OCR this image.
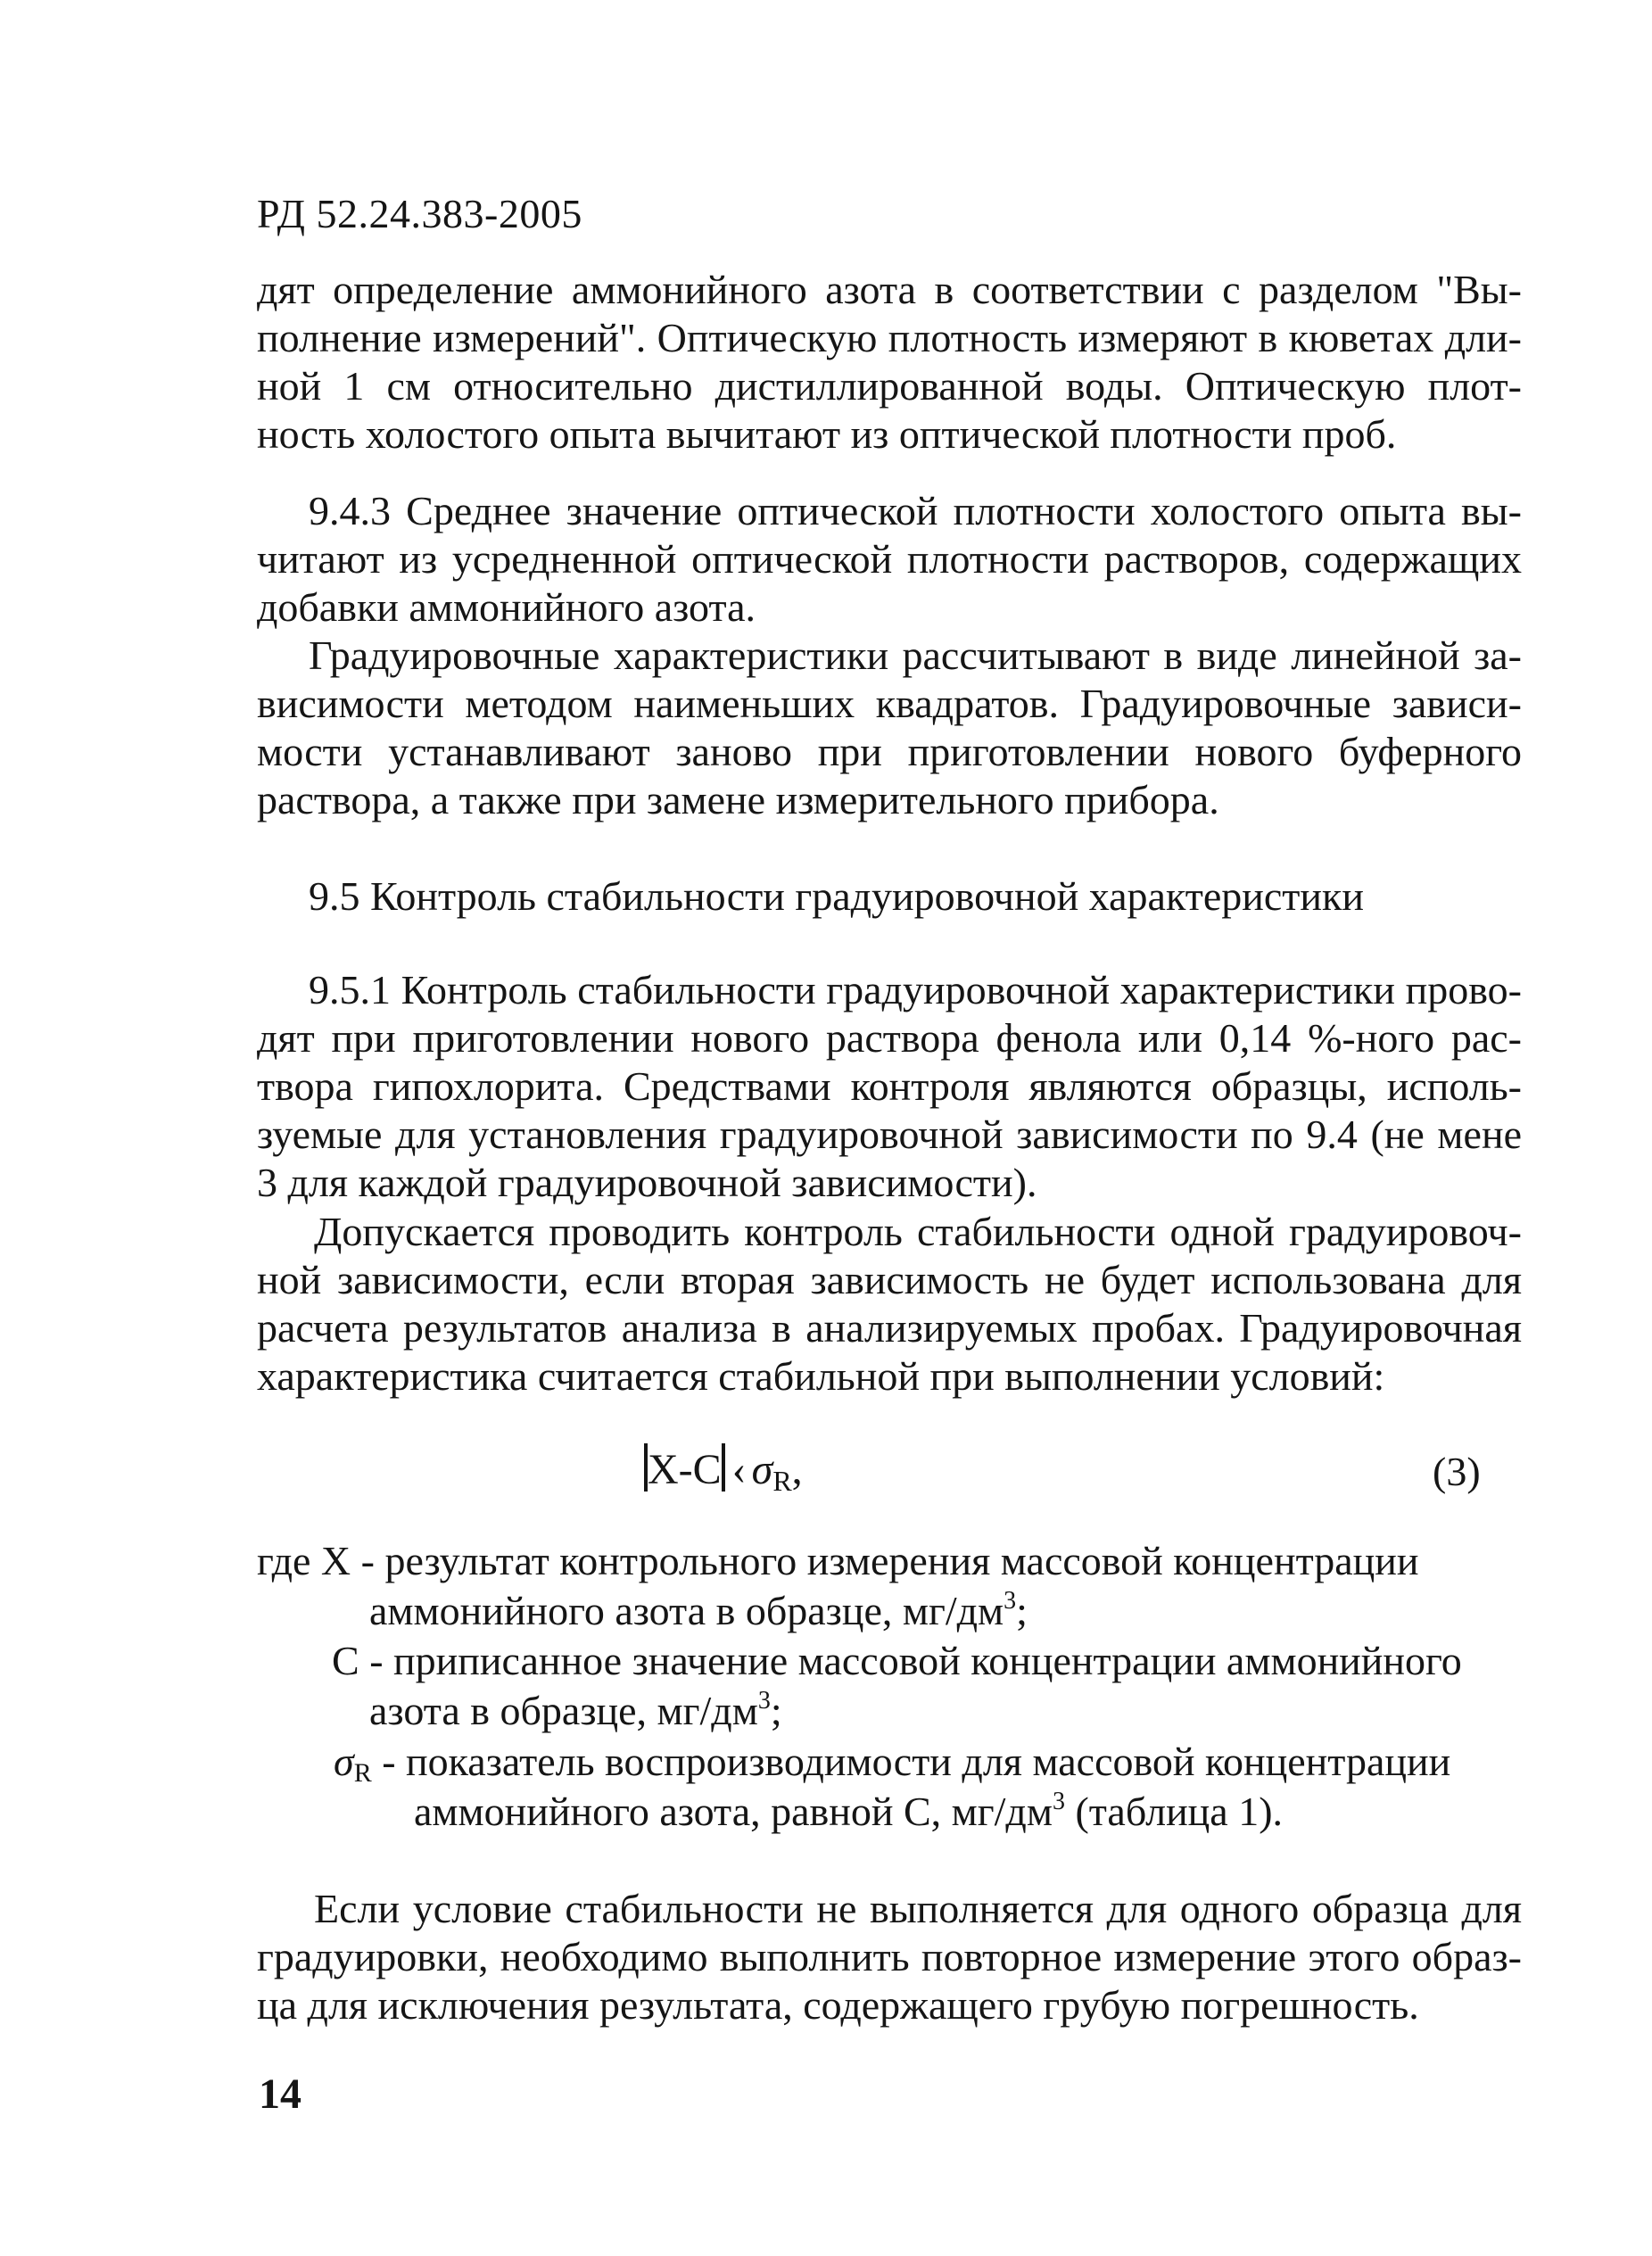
РД 52.24.383-2005

дят определение аммонийного азота в соответствии с разделом "Вы-
полнение измерений". Оптическую плотность измеряют в кюветах дли-
ной 1 см относительно дистиллированной воды. Оптическую плот-
ность холостого опыта вычитают из оптической плотности проб.

9.4.3 Среднее значение оптической плотности холостого опыта вы-
читают из усредненной оптической плотности растворов, содержащих
добавки аммонийного азота.

Градуировочные характеристики рассчитывают в виде линейной за-
висимости методом наименьших квадратов. Градуировочные зависи-
мости устанавливают заново при приготовлении нового буферного
раствора, а также при замене измерительного прибора.

9.5 Контроль стабильности градуировочной характеристики

9.5.1 Контроль стабильности градуировочной характеристики прово-
дят при приготовлении нового раствора фенола или 0,14 %-ного рас-
твора гипохлорита. Средствами контроля являются образцы, исполь-
зуемые для установления градуировочной зависимости по 9.4 (не мене
3 для каждой градуировочной зависимости).

Допускается проводить контроль стабильности одной градуировоч-
ной зависимости, если вторая зависимость не будет использована для
расчета результатов анализа в анализируемых пробах. Градуировочная
характеристика считается стабильной при выполнении условий:

X-C ‹ $\sigma_R$,	(3)
где X - результат контрольного измерения массовой концентрации
аммонийного азота в образце, $мг/дм^3$;
С - приписанное значение массовой концентрации аммонийного
азота в образце, $мг/дм^3$;
$\sigma_R$ - показатель воспроизводимости для массовой концентрации
аммонийного азота, равной С, $мг/дм^3$ (таблица 1).

Если условие стабильности не выполняется для одного образца для
градуировки, необходимо выполнить повторное измерение этого образ-
ца для исключения результата, содержащего грубую погрешность.

14
